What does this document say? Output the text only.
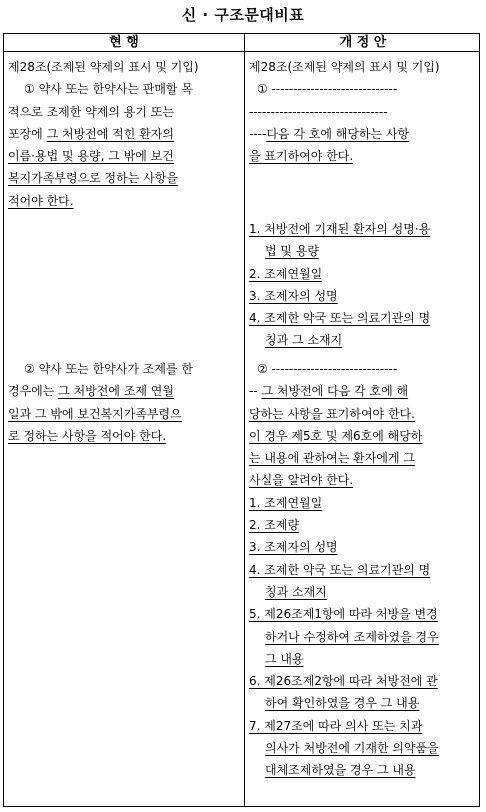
신 · 구조문대비표
현 행	개 정 안
제28조(조제된 약제의 표시 및 기입)
① 약사 또는 한약사는 판매할 목
적으로 조제한 약제의 용기 또는
포장에 그 처방전에 적힌 환자의
이름·용법 및 용량, 그 밖에 보건
복지가족부령으로 정하는 사항을
적어야 한다.
② 약사 또는 한약사가 조제를 한
경우에는 그 처방전에 조제 연월
일과 그 밖에 보건복지가족부령으
로 정하는 사항을 적어야 한다.
제28조(조제된 약제의 표시 및 기입)
① -----------------------------
--------------------------------
----다음 각 호에 해당하는 사항
을 표기하여야 한다.
1. 처방전에 기재된 환자의 성명·용
법 및 용량
2. 조제연월일
3. 조제자의 성명
4. 조제한 약국 또는 의료기관의 명
칭과 그 소재지
② -----------------------------
-- 그 처방전에 다음 각 호에 해
당하는 사항을 표기하여야 한다.
이 경우 제5호 및 제6호에 해당하
는 내용에 관하여는 환자에게 그
사실을 알려야 한다.
1. 조제연월일
2. 조제량
3. 조제자의 성명
4. 조제한 약국 또는 의료기관의 명
칭과 소재지
5. 제26조제1항에 따라 처방을 변경
하거나 수정하여 조제하였을 경우
그 내용
6. 제26조제2항에 따라 처방전에 관
하여 확인하였을 경우 그 내용
7. 제27조에 따라 의사 또는 치과
의사가 처방전에 기재한 의약품을
대체조제하였을 경우 그 내용
